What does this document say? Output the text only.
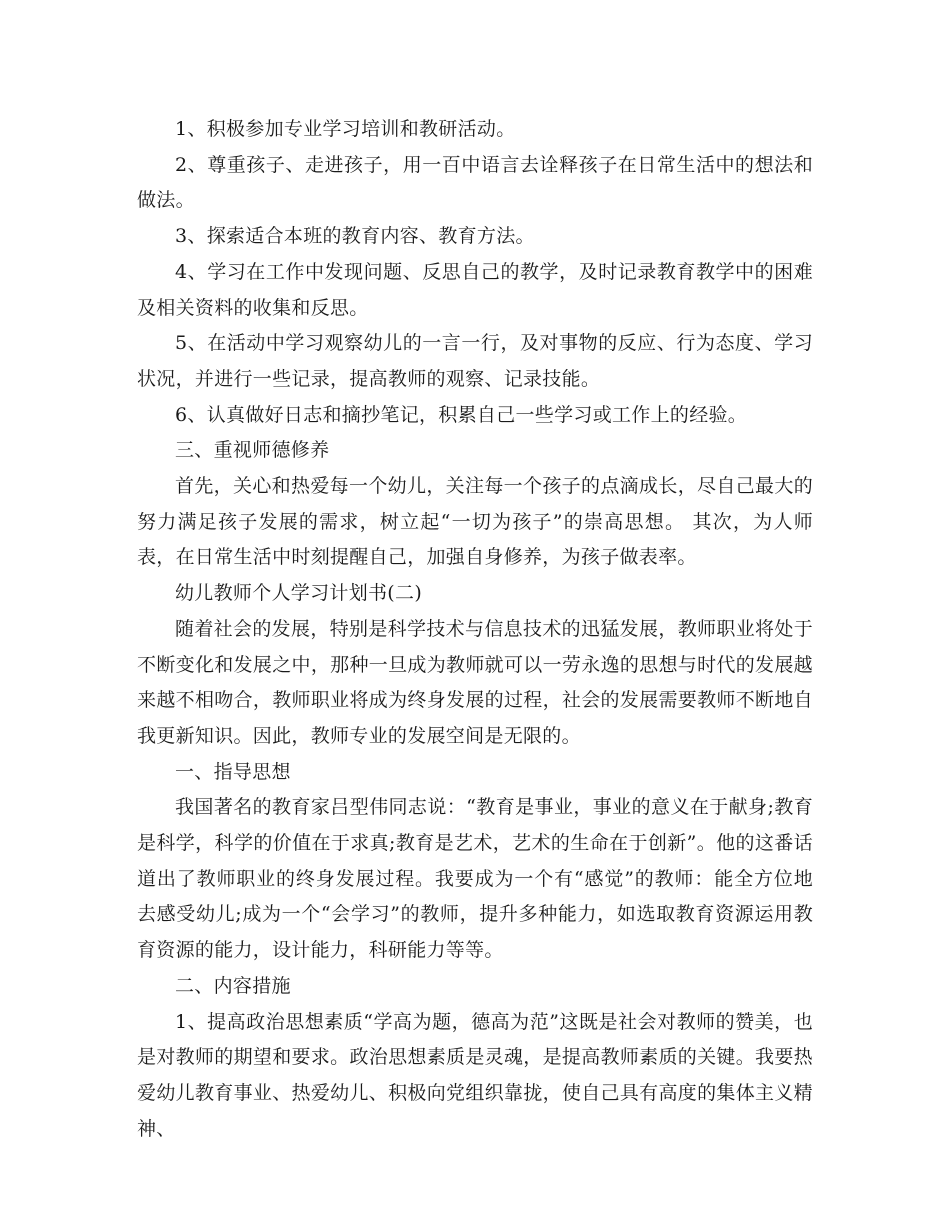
1、积极参加专业学习培训和教研活动。

2、尊重孩子、走进孩子，用一百中语言去诠释孩子在日常生活中的想法和做法。

3、探索适合本班的教育内容、教育方法。

4、学习在工作中发现问题、反思自己的教学，及时记录教育教学中的困难及相关资料的收集和反思。

5、在活动中学习观察幼儿的一言一行，及对事物的反应、行为态度、学习状况，并进行一些记录，提高教师的观察、记录技能。

6、认真做好日志和摘抄笔记，积累自己一些学习或工作上的经验。

三、重视师德修养

首先，关心和热爱每一个幼儿，关注每一个孩子的点滴成长，尽自己最大的努力满足孩子发展的需求，树立起“一切为孩子”的崇高思想。 其次，为人师表，在日常生活中时刻提醒自己，加强自身修养，为孩子做表率。

幼儿教师个人学习计划书(二)

随着社会的发展，特别是科学技术与信息技术的迅猛发展，教师职业将处于不断变化和发展之中，那种一旦成为教师就可以一劳永逸的思想与时代的发展越来越不相吻合，教师职业将成为终身发展的过程，社会的发展需要教师不断地自我更新知识。因此，教师专业的发展空间是无限的。

一、指导思想

我国著名的教育家吕型伟同志说：“教育是事业，事业的意义在于献身;教育是科学，科学的价值在于求真;教育是艺术，艺术的生命在于创新”。他的这番话道出了教师职业的终身发展过程。我要成为一个有“感觉”的教师：能全方位地去感受幼儿;成为一个“会学习”的教师，提升多种能力，如选取教育资源运用教育资源的能力，设计能力，科研能力等等。

二、内容措施

1、提高政治思想素质“学高为题，德高为范”这既是社会对教师的赞美，也是对教师的期望和要求。政治思想素质是灵魂，是提高教师素质的关键。我要热爱幼儿教育事业、热爱幼儿、积极向党组织靠拢，使自己具有高度的集体主义精神、
